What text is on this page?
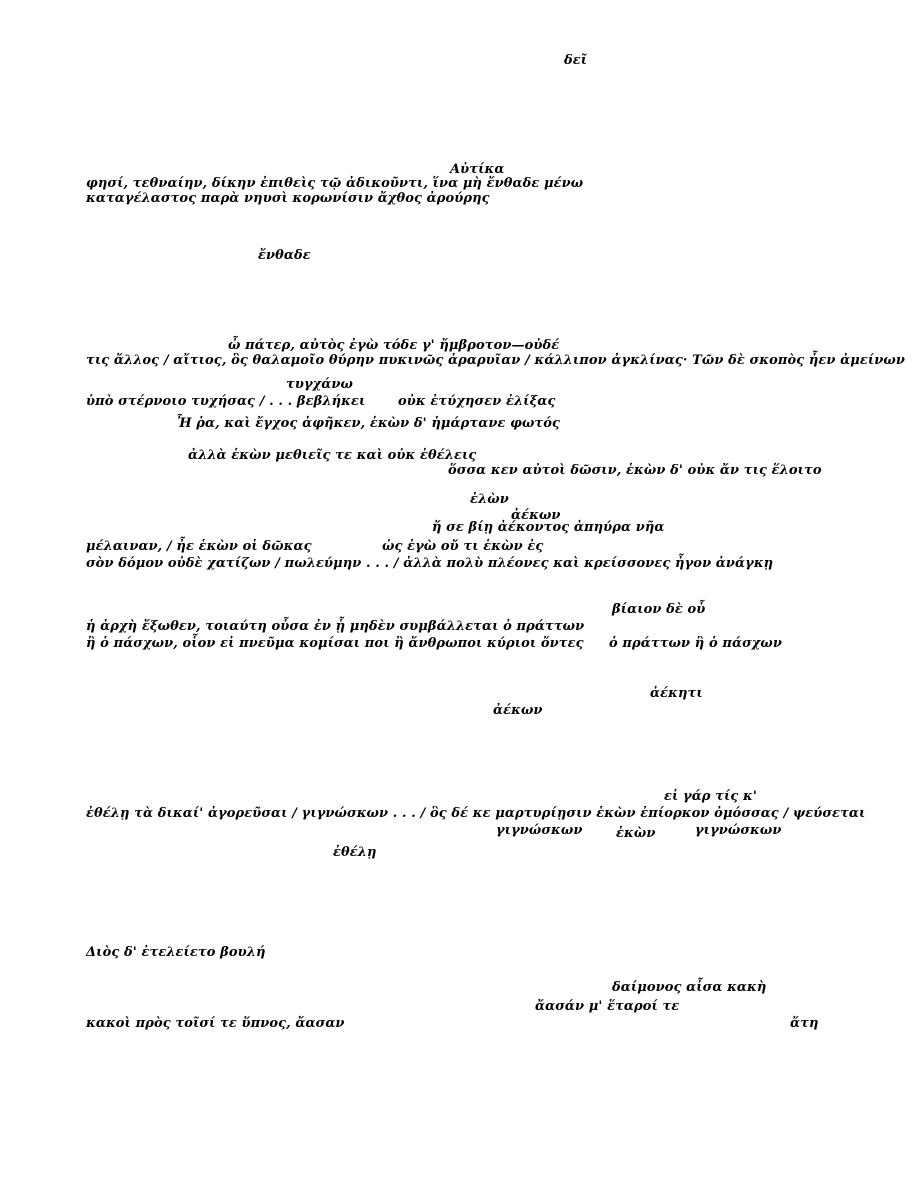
δεῖ
Αὐτίκα
φησί, τεθναίην, δίκην ἐπιθεὶς τῷ ἀδικοῦντι, ἵνα μὴ ἔνθαδε μένω
καταγέλαστος παρὰ νηυσὶ κορωνίσιν ἄχθος ἀρούρης
ἔνθαδε
ὦ πάτερ, αὐτὸς ἐγὼ τόδε γ' ἤμβροτον—οὐδέ
τις ἄλλος / αἴτιος, ὃς θαλαμοῖο θύρην πυκινῶς ἀραρυῖαν / κάλλιπον ἀγκλίνας· Τῶν δὲ σκοπὸς ἦεν ἀμείνων
τυγχάνω
ὑπὸ στέρνοιο τυχήσας / . . . βεβλήκει	οὐκ ἐτύχησεν ἐλίξας
Ἦ ῥα, καὶ ἔγχος ἀφῆκεν, ἑκὼν δ' ἡμάρτανε φωτός
ἀλλὰ ἑκὼν μεθιεῖς τε καὶ οὐκ ἐθέλεις
ὅσσα κεν αὐτοὶ δῶσιν, ἑκὼν δ' οὐκ ἄν τις ἕλοιτο
ἑλὼν
ἀέκων
ἤ σε βίῃ ἀέκοντος ἀπηύρα νῆα
μέλαιναν, / ἦε ἑκὼν οἱ δῶκας	ὡς ἐγὼ οὔ τι ἑκὼν ἐς
σὸν δόμον οὐδὲ χατίζων / πωλεύμην . . . / ἀλλὰ πολὺ πλέονες καὶ κρείσσονες ἦγον ἀνάγκῃ
βίαιον δὲ οὗ
ἡ ἀρχὴ ἔξωθεν, τοιαύτη οὖσα ἐν ᾗ μηδὲν συμβάλλεται ὁ πράττων
ἢ ὁ πάσχων, οἷον εἰ πνεῦμα κομίσαι ποι ἢ ἄνθρωποι κύριοι ὄντες ὁ πράττων ἢ ὁ πάσχων
ἀέκητι
ἀέκων
εἰ γάρ τίς κ'
ἐθέλῃ τὰ δικαί' ἀγορεῦσαι / γιγνώσκων . . . / ὃς δέ κε μαρτυρίῃσιν ἑκὼν ἐπίορκον ὀμόσσας / ψεύσεται
γιγνώσκων	ἑκὼν	γιγνώσκων
ἐθέλῃ
Διὸς δ' ἐτελείετο βουλή
δαίμονος αἶσα κακὴ
ἄασάν μ' ἕταροί τε
κακοὶ πρὸς τοῖσί τε ὕπνος, ἄασαν	ἄτη
